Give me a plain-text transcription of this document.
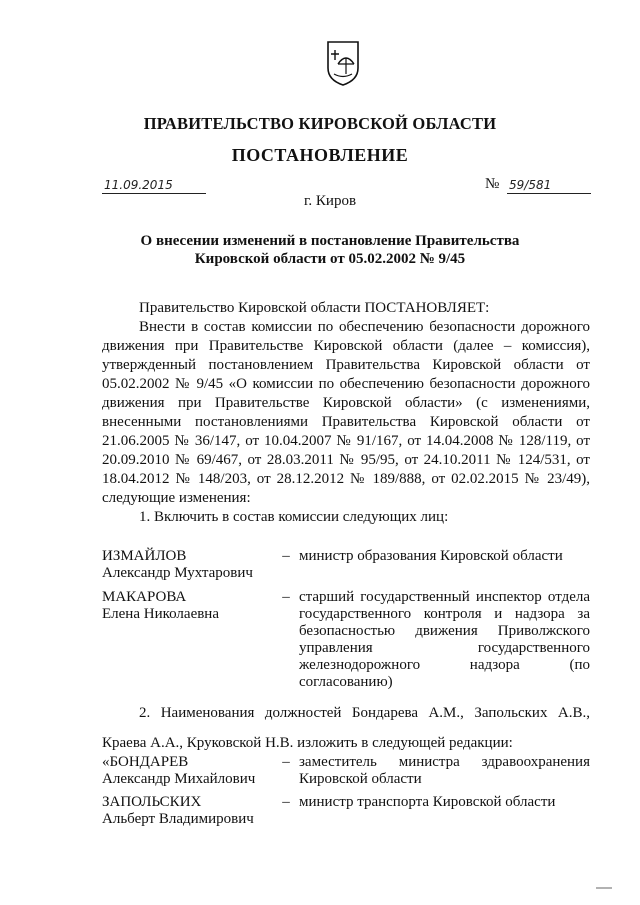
ПРАВИТЕЛЬСТВО КИРОВСКОЙ ОБЛАСТИ
ПОСТАНОВЛЕНИЕ
11.09.2015	№ 59/581
г. Киров
О внесении изменений в постановление Правительства
Кировской области от 05.02.2002 № 9/45

Правительство Кировской области ПОСТАНОВЛЯЕТ:

Внести в состав комиссии по обеспечению безопасности дорожного движения при Правительстве Кировской области (далее – комиссия), утвержденный постановлением Правительства Кировской области от 05.02.2002 № 9/45 «О комиссии по обеспечению безопасности дорожного движения при Правительстве Кировской области» (с изменениями, внесенными постановлениями Правительства Кировской области от 21.06.2005 № 36/147, от 10.04.2007 № 91/167, от 14.04.2008 № 128/119, от 20.09.2010 № 69/467, от 28.03.2011 № 95/95, от 24.10.2011 № 124/531, от 18.04.2012 № 148/203, от 28.12.2012 № 189/888, от 02.02.2015 № 23/49), следующие изменения:

1. Включить в состав комиссии следующих лиц:

ИЗМАЙЛОВ
Александр Мухтарович
– министр образования Кировской области
МАКАРОВА
Елена Николаевна
– старший государственный инспектор отдела государственного контроля и надзора за безопасностью движения Приволжского управления государственного железнодорожного надзора (по согласованию)

2. Наименования должностей Бондарева А.М., Запольских А.В., Краева А.А., Круковской Н.В. изложить в следующей редакции:

«БОНДАРЕВ
Александр Михайлович
– заместитель министра здравоохранения Кировской области
ЗАПОЛЬСКИХ
Альберт Владимирович
– министр транспорта Кировской области
